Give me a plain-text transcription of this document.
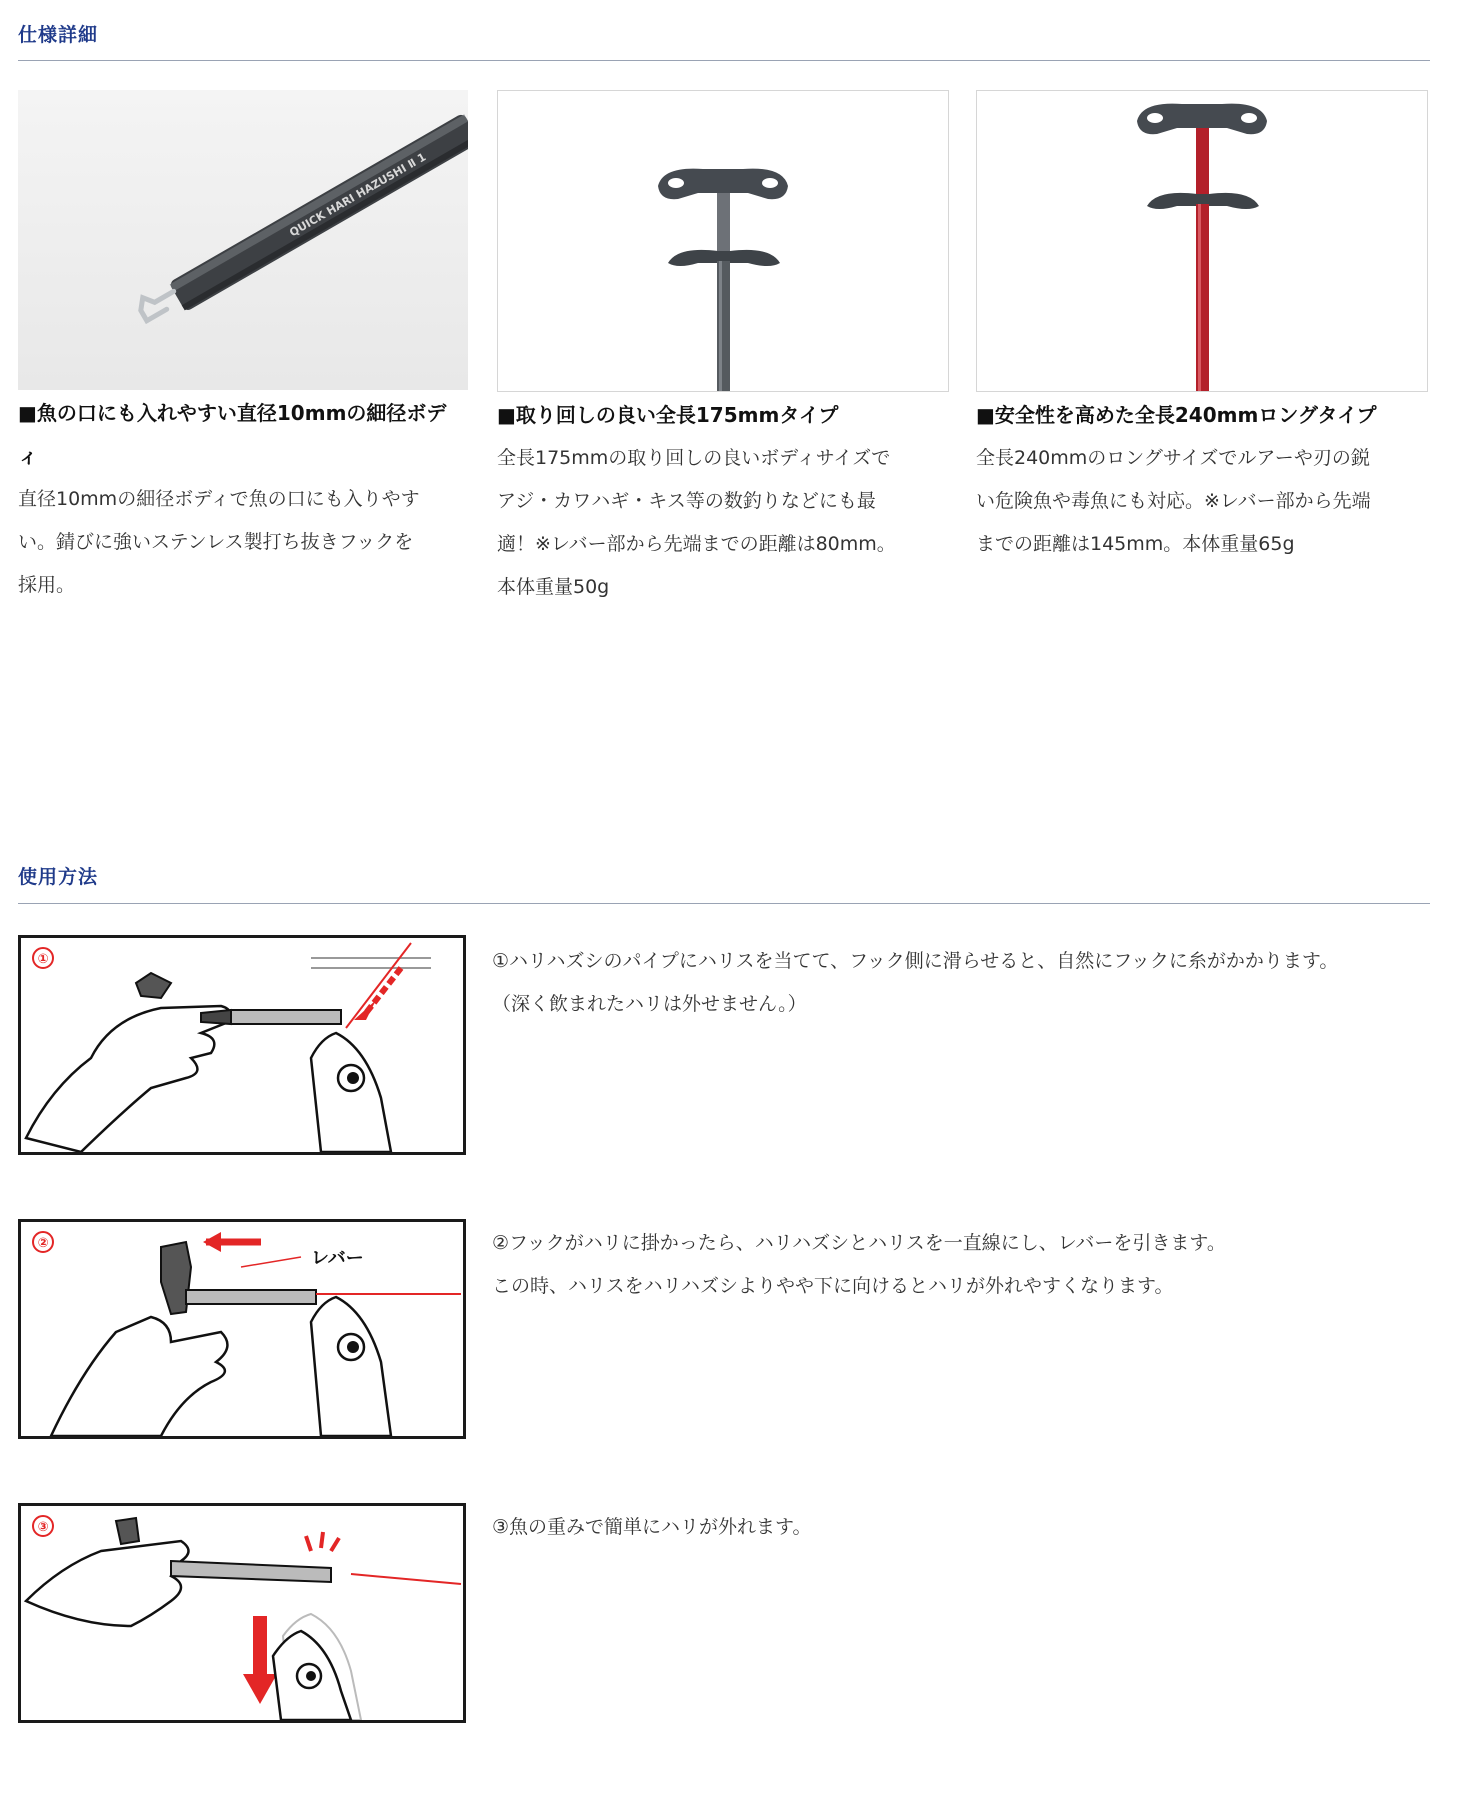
仕様詳細
QUICK HARI HAZUSHI Ⅱ 1
■魚の口にも入れやすい直径10mmの細径ボデ
ィ
直径10mmの細径ボディで魚の口にも入りやす
い。錆びに強いステンレス製打ち抜きフックを
採用。
■取り回しの良い全長175mmタイプ
全長175mmの取り回しの良いボディサイズで
アジ・カワハギ・キス等の数釣りなどにも最
適！※レバー部から先端までの距離は80mm。
本体重量50g
■安全性を高めた全長240mmロングタイプ
全長240mmのロングサイズでルアーや刃の鋭
い危険魚や毒魚にも対応。※レバー部から先端
までの距離は145mm。本体重量65g
使用方法
①	①ハリハズシのパイプにハリスを当てて、フック側に滑らせると、自然にフックに糸がかかります。
（深く飲まれたハリは外せません。）
②
レバー
②フックがハリに掛かったら、ハリハズシとハリスを一直線にし、レバーを引きます。
この時、ハリスをハリハズシよりやや下に向けるとハリが外れやすくなります。
③	③魚の重みで簡単にハリが外れます。
